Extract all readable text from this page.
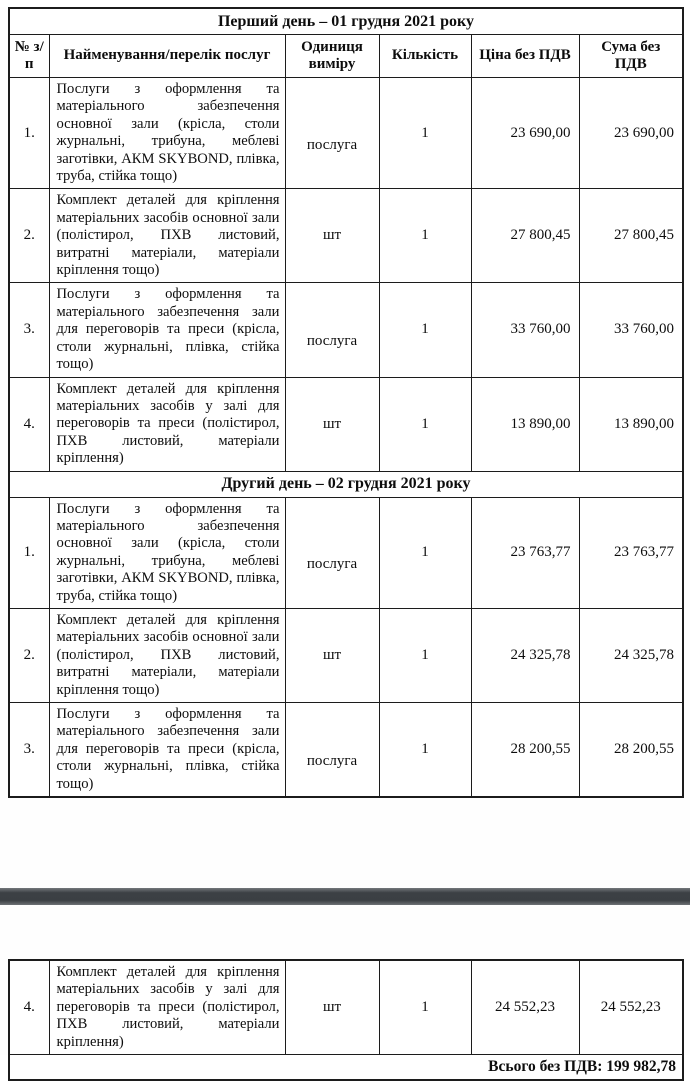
Перший день – 01 грудня 2021 року					
№ з/п	Найменування/перелік послуг	Одиниця виміру	Кількість	Ціна без ПДВ	Сума без ПДВ
1.	Послуги з оформлення та матеріального забезпечення основної зали (крісла, столи журнальні, трибуна, меблеві заготівки, АКМ SKYBOND, плівка, труба, стійка тощо)	послуга	1	23 690,00	23 690,00
2.	Комплект деталей для кріплення матеріальних засобів основної зали (полістирол, ПХВ листовий, витратні матеріали, матеріали кріплення тощо)	шт	1	27 800,45	27 800,45
3.	Послуги з оформлення та матеріального забезпечення зали для переговорів та преси (крісла, столи журнальні, плівка, стійка тощо)	послуга	1	33 760,00	33 760,00
4.	Комплект деталей для кріплення матеріальних засобів у залі для переговорів та преси (полістирол, ПХВ листовий, матеріали кріплення)	шт	1	13 890,00	13 890,00
Другий день – 02 грудня 2021 року					
1.	Послуги з оформлення та матеріального забезпечення основної зали (крісла, столи журнальні, трибуна, меблеві заготівки, АКМ SKYBOND, плівка, труба, стійка тощо)	послуга	1	23 763,77	23 763,77
2.	Комплект деталей для кріплення матеріальних засобів основної зали (полістирол, ПХВ листовий, витратні матеріали, матеріали кріплення тощо)	шт	1	24 325,78	24 325,78
3.	Послуги з оформлення та матеріального забезпечення зали для переговорів та преси (крісла, столи журнальні, плівка, стійка тощо)	послуга	1	28 200,55	28 200,55
4.	Комплект деталей для кріплення матеріальних засобів у залі для переговорів та преси (полістирол, ПХВ листовий, матеріали кріплення)	шт	1	24 552,23	24 552,23
Всього без ПДВ: 199 982,78
